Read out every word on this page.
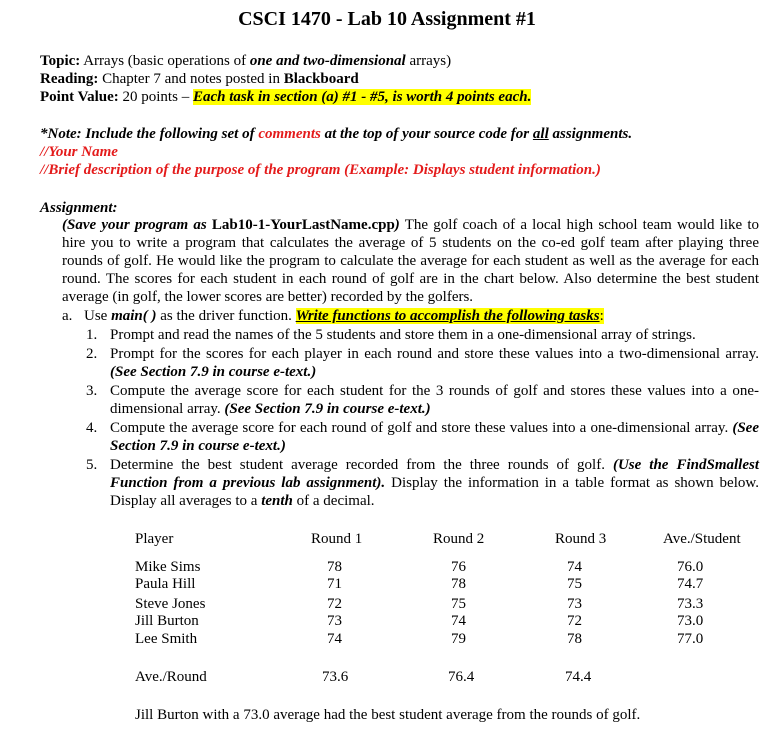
CSCI 1470 - Lab 10 Assignment #1
Topic: Arrays (basic operations of one and two-dimensional arrays)
Reading: Chapter 7 and notes posted in Blackboard
Point Value: 20 points – Each task in section (a) #1 - #5, is worth 4 points each.
*Note: Include the following set of comments at the top of your source code for all assignments.
//Your Name
//Brief description of the purpose of the program (Example: Displays student information.)
Assignment:
(Save your program as Lab10-1-YourLastName.cpp) The golf coach of a local high school team would like to hire you to write a program that calculates the average of 5 students on the co-ed golf team after playing three rounds of golf. He would like the program to calculate the average for each student as well as the average for each round. The scores for each student in each round of golf are in the chart below. Also determine the best student average (in golf, the lower scores are better) recorded by the golfers.
a. Use main( ) as the driver function. Write functions to accomplish the following tasks:
1. Prompt and read the names of the 5 students and store them in a one-dimensional array of strings.
2. Prompt for the scores for each player in each round and store these values into a two-dimensional array. (See Section 7.9 in course e-text.)
3. Compute the average score for each student for the 3 rounds of golf and stores these values into a one-dimensional array. (See Section 7.9 in course e-text.)
4. Compute the average score for each round of golf and store these values into a one-dimensional array. (See Section 7.9 in course e-text.)
5. Determine the best student average recorded from the three rounds of golf. (Use the FindSmallest Function from a previous lab assignment). Display the information in a table format as shown below. Display all averages to a tenth of a decimal.
Player	Round 1	Round 2	Round 3	Ave./Student
Mike Sims	78	76	74	76.0
Paula Hill	71	78	75	74.7
Steve Jones	72	75	73	73.3
Jill Burton	73	74	72	73.0
Lee Smith	74	79	78	77.0
Ave./Round	73.6	76.4	74.4
Jill Burton with a 73.0 average had the best student average from the rounds of golf.
